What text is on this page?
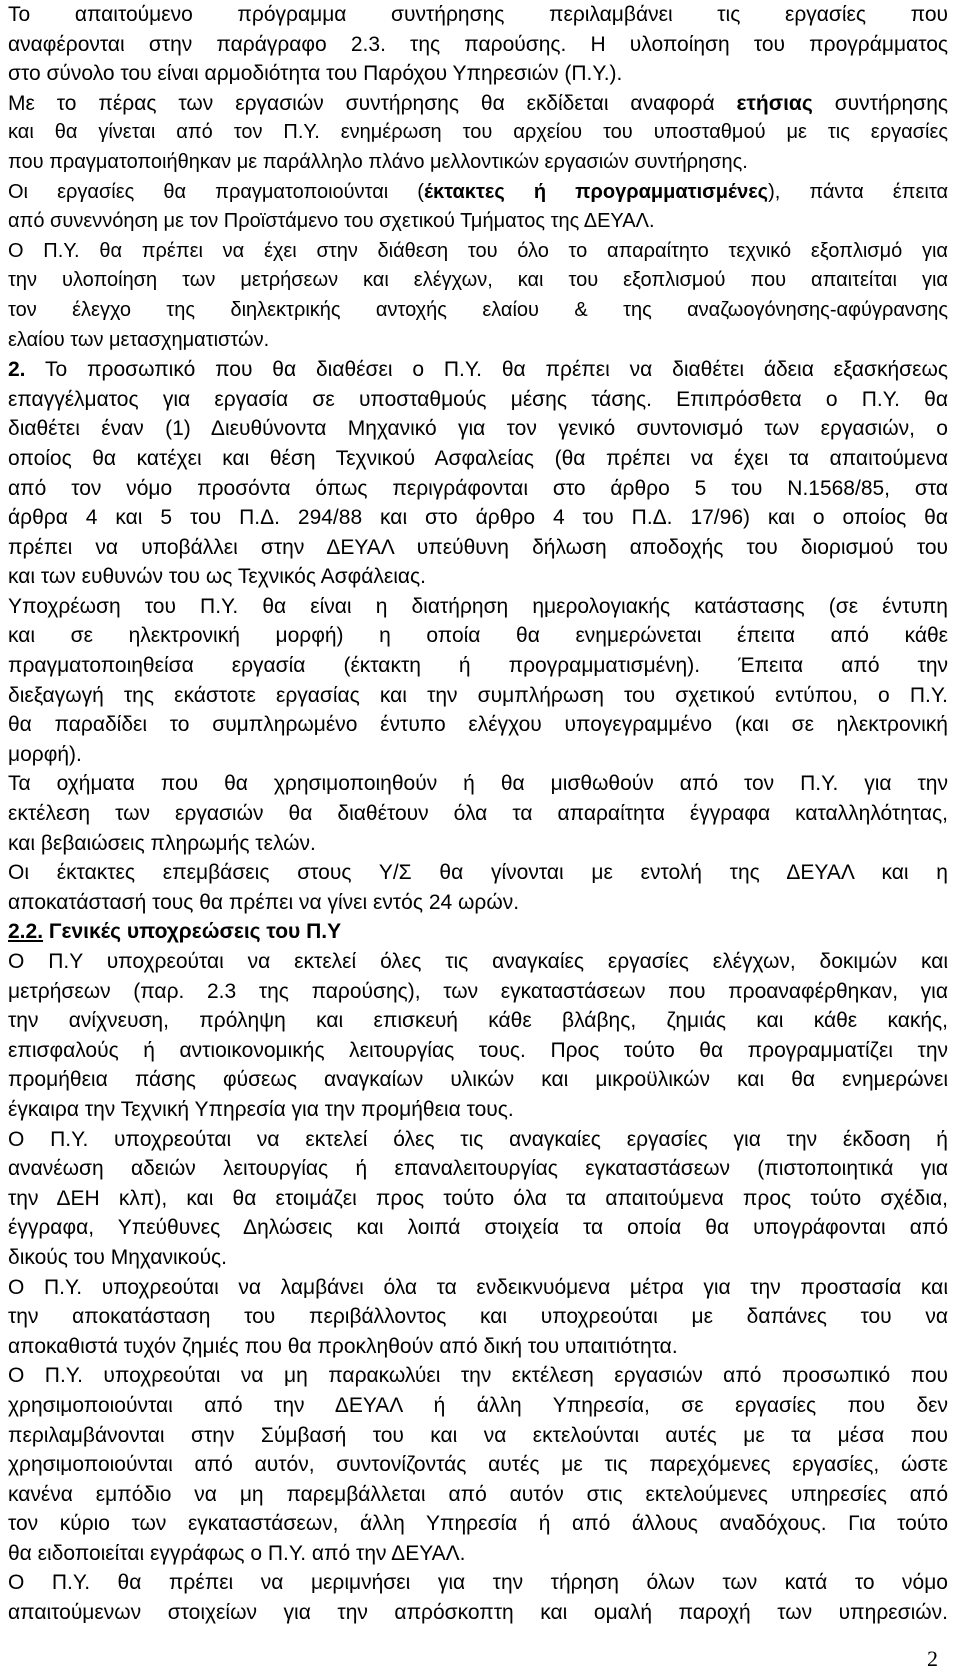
Το απαιτούμενο πρόγραμμα συντήρησης περιλαμβάνει τις εργασίες που
αναφέρονται στην παράγραφο 2.3. της παρούσης. Η υλοποίηση του προγράμματος
στο σύνολο του είναι αρμοδιότητα του Παρόχου Υπηρεσιών (Π.Υ.).
Με το πέρας των εργασιών συντήρησης θα εκδίδεται αναφορά ετήσιας συντήρησης
και θα γίνεται από τον Π.Υ. ενημέρωση του αρχείου του υποσταθμού με τις εργασίες
που πραγματοποιήθηκαν με παράλληλο πλάνο μελλοντικών εργασιών συντήρησης.
Οι εργασίες θα πραγματοποιούνται (έκτακτες ή προγραμματισμένες), πάντα έπειτα
από συνεννόηση με τον Προϊστάμενο του σχετικού Τμήματος της ΔΕΥΑΛ.
Ο Π.Υ. θα πρέπει να έχει στην διάθεση του όλο το απαραίτητο τεχνικό εξοπλισμό για
την υλοποίηση των μετρήσεων και ελέγχων, και του εξοπλισμού που απαιτείται για
τον έλεγχο της διηλεκτρικής αντοχής ελαίου & της αναζωογόνησης-αφύγρανσης
ελαίου των μετασχηματιστών.
2. Το προσωπικό που θα διαθέσει ο Π.Υ. θα πρέπει να διαθέτει άδεια εξασκήσεως
επαγγέλματος για εργασία σε υποσταθμούς μέσης τάσης. Επιπρόσθετα ο Π.Υ. θα
διαθέτει έναν (1) Διευθύνοντα Μηχανικό για τον γενικό συντονισμό των εργασιών, ο
οποίος θα κατέχει και θέση Τεχνικού Ασφαλείας (θα πρέπει να έχει τα απαιτούμενα
από τον νόμο προσόντα όπως περιγράφονται στο άρθρο 5 του Ν.1568/85, στα
άρθρα 4 και 5 του Π.Δ. 294/88 και στο άρθρο 4 του Π.Δ. 17/96) και ο οποίος θα
πρέπει να υποβάλλει στην ΔΕΥΑΛ υπεύθυνη δήλωση αποδοχής του διορισμού του
και των ευθυνών του ως Τεχνικός Ασφάλειας.
Υποχρέωση του Π.Υ. θα είναι η διατήρηση ημερολογιακής κατάστασης (σε έντυπη
και σε ηλεκτρονική μορφή) η οποία θα ενημερώνεται έπειτα από κάθε
πραγματοποιηθείσα εργασία (έκτακτη ή προγραμματισμένη). Έπειτα από την
διεξαγωγή της εκάστοτε εργασίας και την συμπλήρωση του σχετικού εντύπου, ο Π.Υ.
θα παραδίδει το συμπληρωμένο έντυπο ελέγχου υπογεγραμμένο (και σε ηλεκτρονική
μορφή).
Τα οχήματα που θα χρησιμοποιηθούν ή θα μισθωθούν από τον Π.Υ. για την
εκτέλεση των εργασιών θα διαθέτουν όλα τα απαραίτητα έγγραφα καταλληλότητας,
και βεβαιώσεις πληρωμής τελών.
Οι έκτακτες επεμβάσεις στους Υ/Σ θα γίνονται με εντολή της ΔΕΥΑΛ και η
αποκατάστασή τους θα πρέπει να γίνει εντός 24 ωρών.
2.2. Γενικές υποχρεώσεις του Π.Υ
Ο Π.Υ υποχρεούται να εκτελεί όλες τις αναγκαίες εργασίες ελέγχων, δοκιμών και
μετρήσεων (παρ. 2.3 της παρούσης), των εγκαταστάσεων που προαναφέρθηκαν, για
την ανίχνευση, πρόληψη και επισκευή κάθε βλάβης, ζημιάς και κάθε κακής,
επισφαλούς ή αντιοικονομικής λειτουργίας τους. Προς τούτο θα προγραμματίζει την
προμήθεια πάσης φύσεως αναγκαίων υλικών και μικροϋλικών και θα ενημερώνει
έγκαιρα την Τεχνική Υπηρεσία για την προμήθεια τους.
Ο Π.Υ. υποχρεούται να εκτελεί όλες τις αναγκαίες εργασίες για την έκδοση ή
ανανέωση αδειών λειτουργίας ή επαναλειτουργίας εγκαταστάσεων (πιστοποιητικά για
την ΔΕΗ κλπ), και θα ετοιμάζει προς τούτο όλα τα απαιτούμενα προς τούτο σχέδια,
έγγραφα, Υπεύθυνες Δηλώσεις και λοιπά στοιχεία τα οποία θα υπογράφονται από
δικούς του Μηχανικούς.
Ο Π.Υ. υποχρεούται να λαμβάνει όλα τα ενδεικνυόμενα μέτρα για την προστασία και
την αποκατάσταση του περιβάλλοντος και υποχρεούται με δαπάνες του να
αποκαθιστά τυχόν ζημιές που θα προκληθούν από δική του υπαιτιότητα.
Ο Π.Υ. υποχρεούται να μη παρακωλύει την εκτέλεση εργασιών από προσωπικό που
χρησιμοποιούνται από την ΔΕΥΑΛ ή άλλη Υπηρεσία, σε εργασίες που δεν
περιλαμβάνονται στην Σύμβασή του και να εκτελούνται αυτές με τα μέσα που
χρησιμοποιούνται από αυτόν, συντονίζοντάς αυτές με τις παρεχόμενες εργασίες, ώστε
κανένα εμπόδιο να μη παρεμβάλλεται από αυτόν στις εκτελούμενες υπηρεσίες από
τον κύριο των εγκαταστάσεων, άλλη Υπηρεσία ή από άλλους αναδόχους. Για τούτο
θα ειδοποιείται εγγράφως ο Π.Υ. από την ΔΕΥΑΛ.
Ο Π.Υ. θα πρέπει να μεριμνήσει για την τήρηση όλων των κατά το νόμο
απαιτούμενων στοιχείων για την απρόσκοπτη και ομαλή παροχή των υπηρεσιών.
2
